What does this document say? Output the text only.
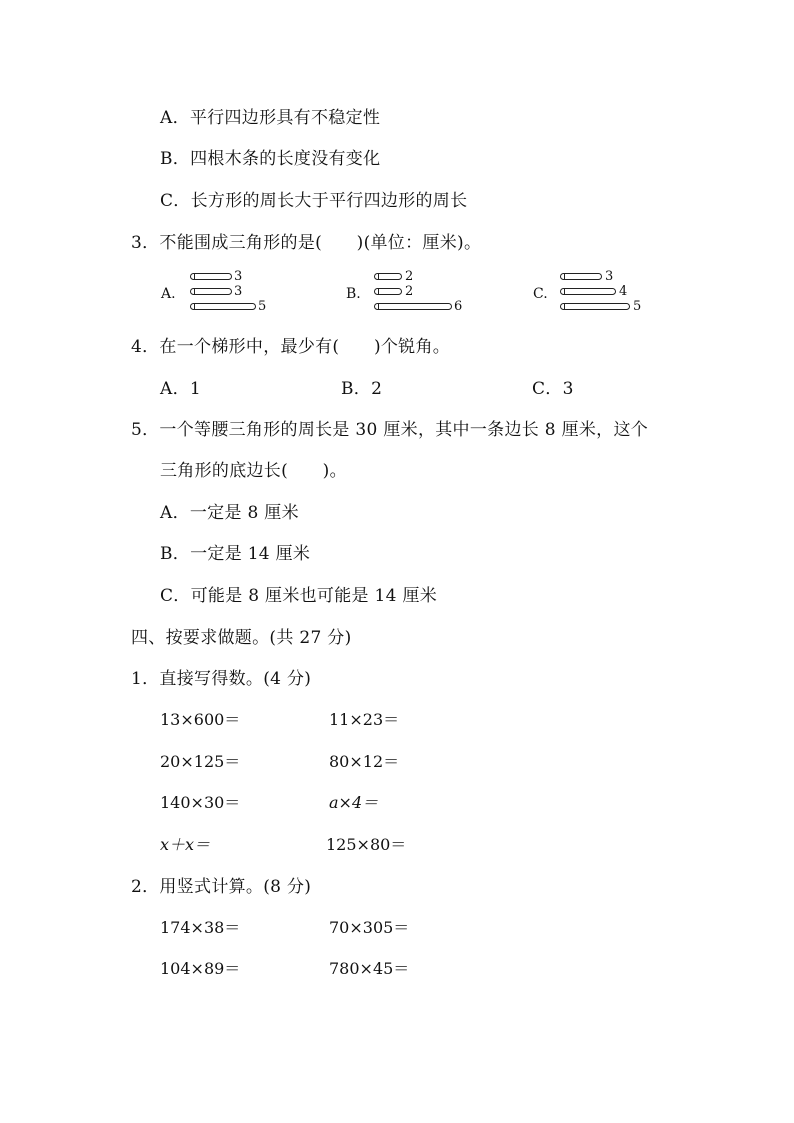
A．平行四边形具有不稳定性
B．四根木条的长度没有变化
C．长方形的周长大于平行四边形的周长
3．不能围成三角形的是(　　)(单位：厘米)。
A.
3
3
5
B.
2
2
6
C.
3
4
5
4．在一个梯形中，最少有(　　)个锐角。
A．1	B．2	C．3
5．一个等腰三角形的周长是 30 厘米，其中一条边长 8 厘米，这个
三角形的底边长(　　)。
A．一定是 8 厘米
B．一定是 14 厘米
C．可能是 8 厘米也可能是 14 厘米
四、按要求做题。(共 27 分)
1．直接写得数。(4 分)
13×600＝	11×23＝
20×125＝	80×12＝
140×30＝	a×4＝
x＋x＝	125×80＝
2．用竖式计算。(8 分)
174×38＝	70×305＝
104×89＝	780×45＝
